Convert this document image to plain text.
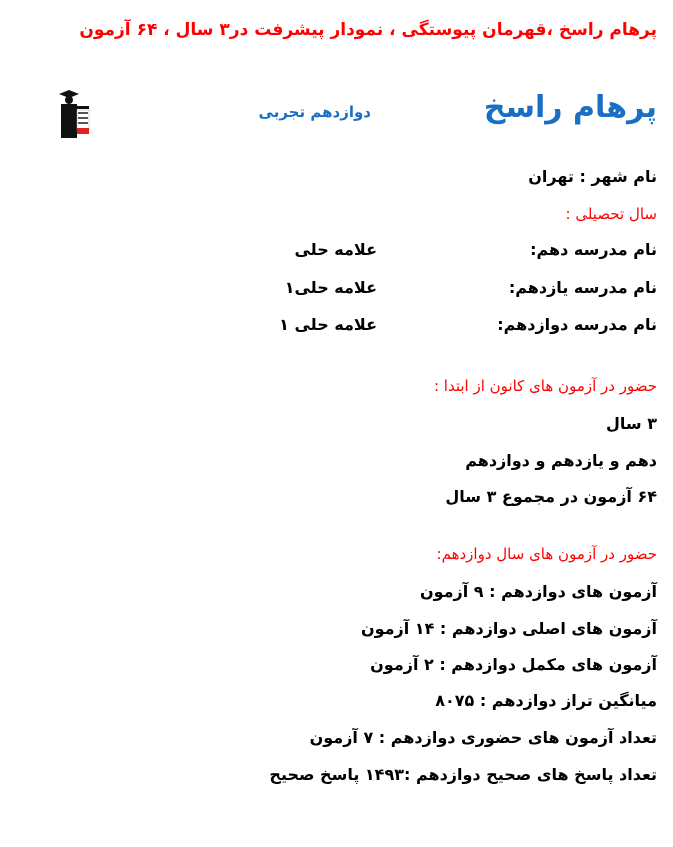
پرهام راسخ ،قهرمان پیوستگی ، نمودار پیشرفت در۳ سال ، ۶۴ آزمون
پرهام راسخ
دوازدهم تجربی
نام شهر : تهران
سال تحصیلی :
نام مدرسه دهم:
علامه حلی
نام مدرسه یازدهم:
علامه حلی۱
نام مدرسه دوازدهم:
علامه حلی ۱
حضور در آزمون های کانون از ابتدا :
۳ سال
دهم و یازدهم و دوازدهم
۶۴ آزمون در مجموع ۳ سال
حضور در آزمون های سال دوازدهم:
آزمون های دوازدهم : ۹ آزمون
آزمون های اصلی دوازدهم : ۱۴ آزمون
آزمون های مکمل دوازدهم : ۲ آزمون
میانگین تراز دوازدهم : ۸۰۷۵
تعداد آزمون های حضوری دوازدهم : ۷ آزمون
تعداد پاسخ های صحیح دوازدهم :۱۴۹۳ پاسخ صحیح
